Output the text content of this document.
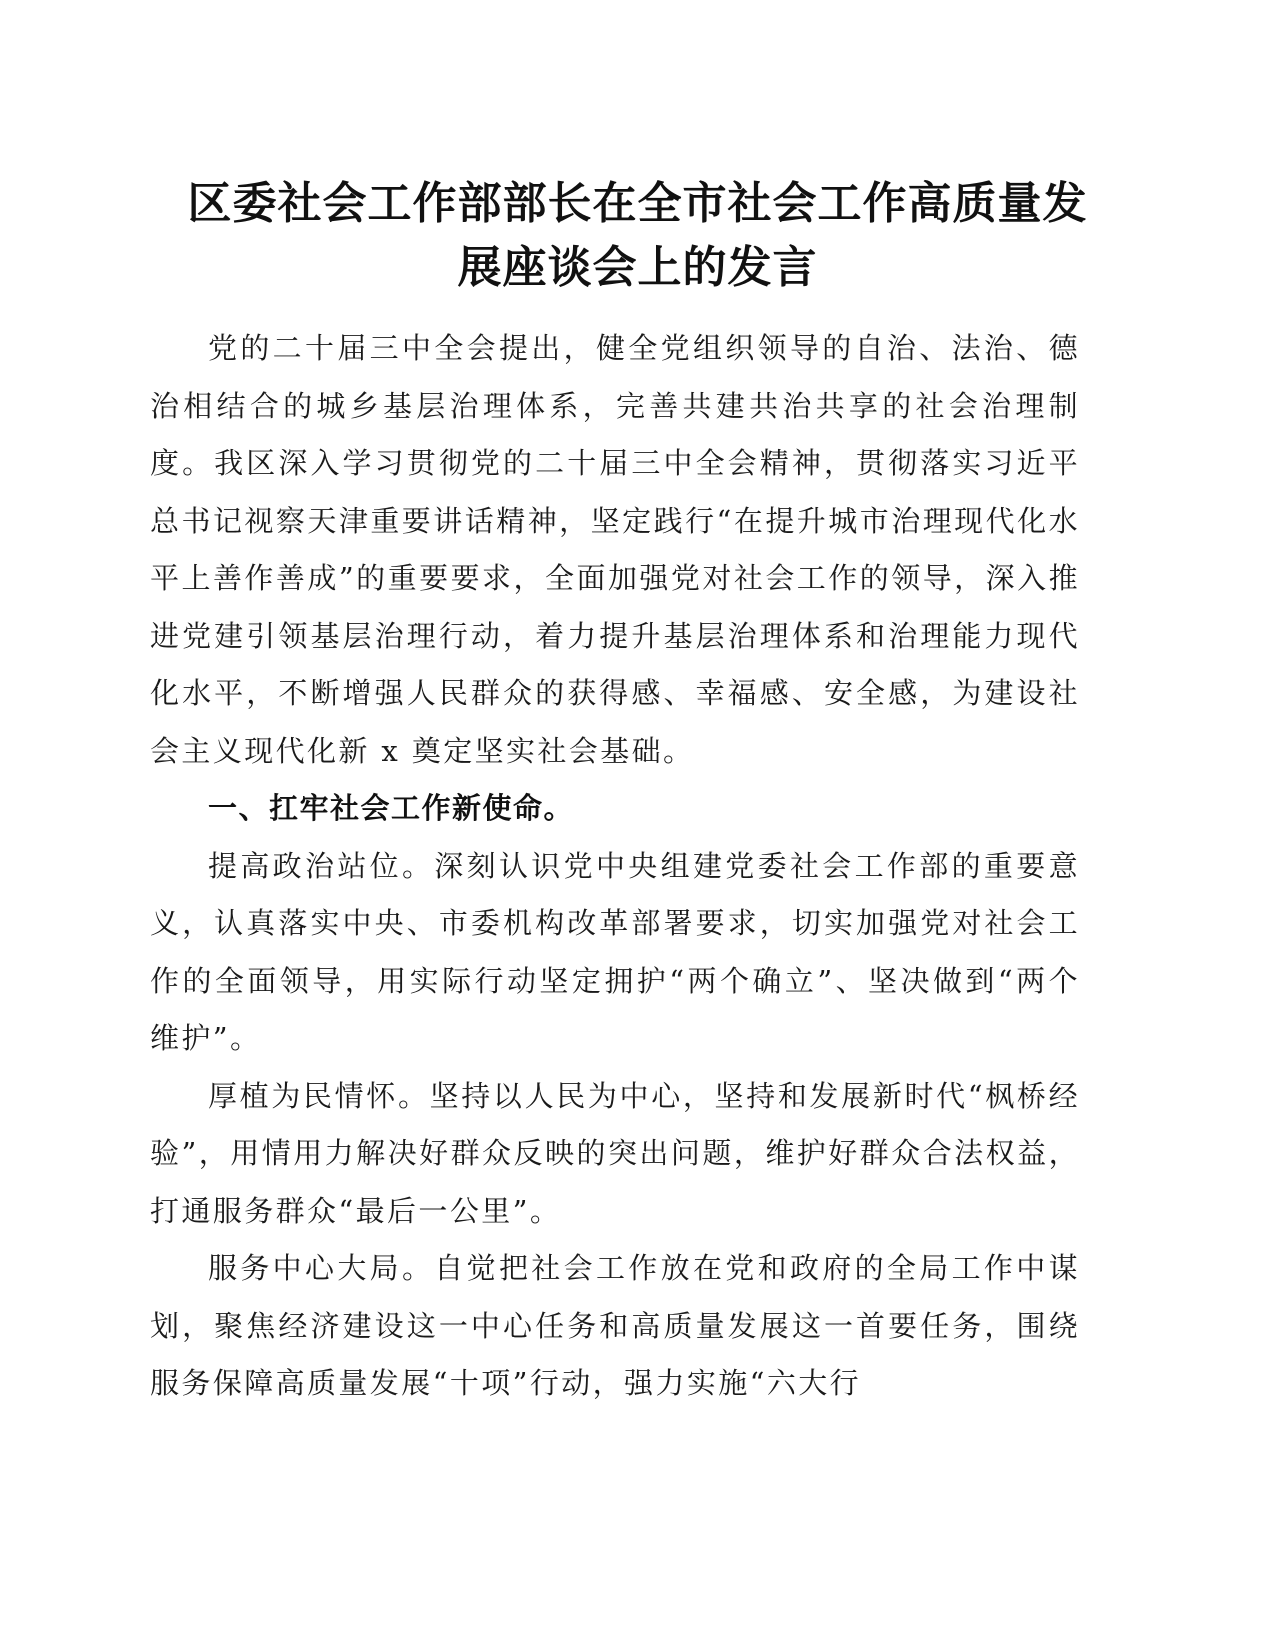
区委社会工作部部长在全市社会工作高质量发
展座谈会上的发言

党的二十届三中全会提出，健全党组织领导的自治、法治、德治相结合的城乡基层治理体系，完善共建共治共享的社会治理制度。我区深入学习贯彻党的二十届三中全会精神，贯彻落实习近平总书记视察天津重要讲话精神，坚定践行“在提升城市治理现代化水平上善作善成”的重要要求，全面加强党对社会工作的领导，深入推进党建引领基层治理行动，着力提升基层治理体系和治理能力现代化水平，不断增强人民群众的获得感、幸福感、安全感，为建设社会主义现代化新 x 奠定坚实社会基础。

一、扛牢社会工作新使命。

提高政治站位。深刻认识党中央组建党委社会工作部的重要意义，认真落实中央、市委机构改革部署要求，切实加强党对社会工作的全面领导，用实际行动坚定拥护“两个确立”、坚决做到“两个维护”。

厚植为民情怀。坚持以人民为中心，坚持和发展新时代“枫桥经验”，用情用力解决好群众反映的突出问题，维护好群众合法权益，打通服务群众“最后一公里”。

服务中心大局。自觉把社会工作放在党和政府的全局工作中谋划，聚焦经济建设这一中心任务和高质量发展这一首要任务，围绕服务保障高质量发展“十项”行动，强力实施“六大行
